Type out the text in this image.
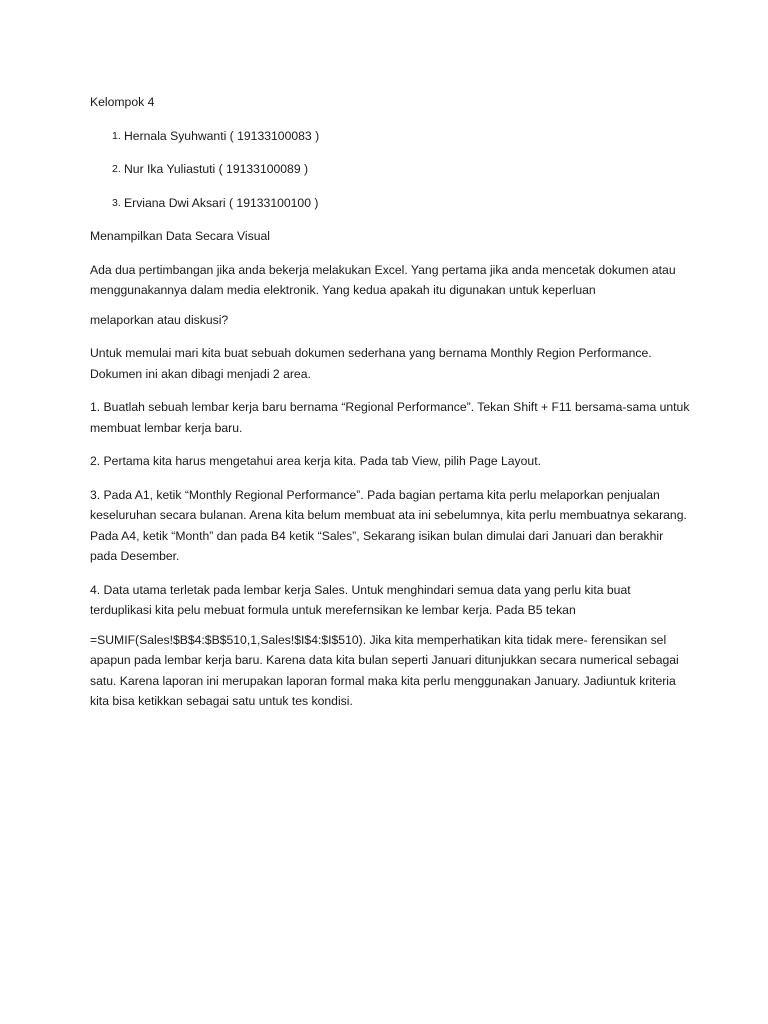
Kelompok 4

1. Hernala Syuhwanti ( 19133100083 )
2. Nur Ika Yuliastuti ( 19133100089 )
3. Erviana Dwi Aksari ( 19133100100 )

Menampilkan Data Secara Visual

Ada dua pertimbangan jika anda bekerja melakukan Excel. Yang pertama jika anda mencetak dokumen atau menggunakannya dalam media elektronik. Yang kedua apakah itu digunakan untuk keperluan

melaporkan atau diskusi?

Untuk memulai mari kita buat sebuah dokumen sederhana yang bernama Monthly Region Performance. Dokumen ini akan dibagi menjadi 2 area.

1. Buatlah sebuah lembar kerja baru bernama “Regional Performance”. Tekan Shift + F11 bersama-sama untuk membuat lembar kerja baru.

2. Pertama kita harus mengetahui area kerja kita. Pada tab View, pilih Page Layout.

3. Pada A1, ketik “Monthly Regional Performance”. Pada bagian pertama kita perlu melaporkan penjualan keseluruhan secara bulanan. Arena kita belum membuat ata ini sebelumnya, kita perlu membuatnya sekarang. Pada A4, ketik “Month” dan pada B4 ketik “Sales”, Sekarang isikan bulan dimulai dari Januari dan berakhir pada Desember.

4. Data utama terletak pada lembar kerja Sales. Untuk menghindari semua data yang perlu kita buat terduplikasi kita pelu mebuat formula untuk merefernsikan ke lembar kerja. Pada B5 tekan

=SUMIF(Sales!$B$4:$B$510,1,Sales!$I$4:$I$510). Jika kita memperhatikan kita tidak mere- ferensikan sel apapun pada lembar kerja baru. Karena data kita bulan seperti Januari ditunjukkan secara numerical sebagai satu. Karena laporan ini merupakan laporan formal maka kita perlu menggunakan January. Jadiuntuk kriteria kita bisa ketikkan sebagai satu untuk tes kondisi.
